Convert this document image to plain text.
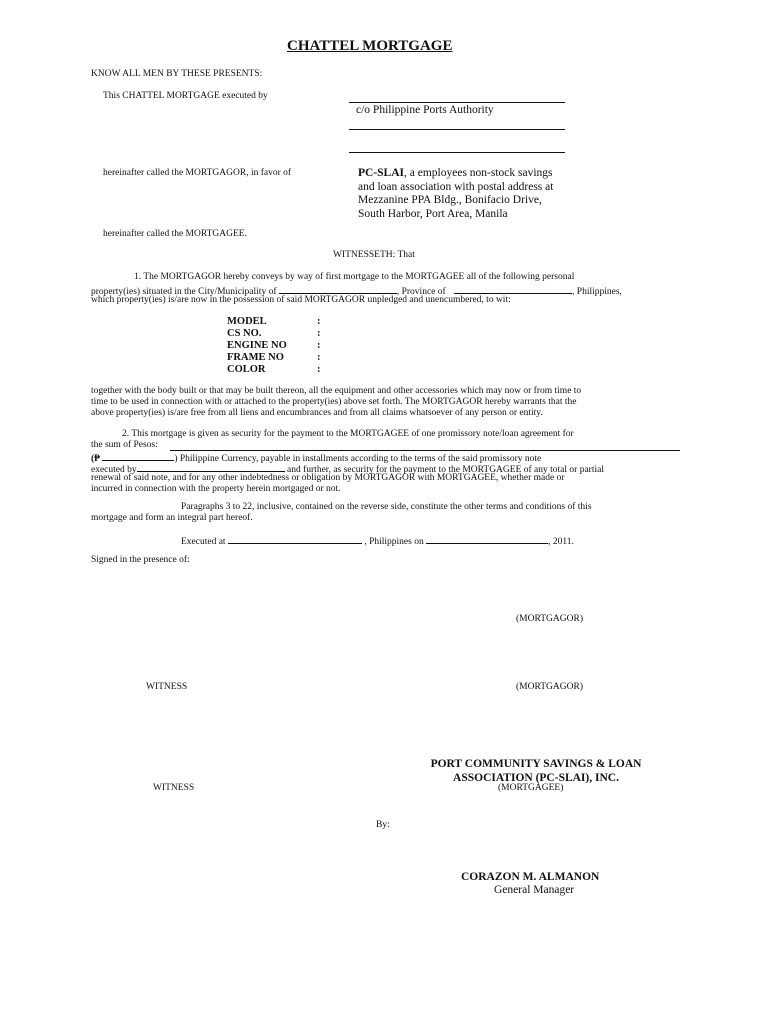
CHATTEL MORTGAGE
KNOW ALL MEN BY THESE PRESENTS:
This CHATTEL MORTGAGE executed by
c/o Philippine Ports Authority
hereinafter called the MORTGAGOR, in favor of	PC-SLAI, a employees non-stock savings
and loan association with postal address at
Mezzanine PPA Bldg., Bonifacio Drive,
South Harbor, Port Area, Manila
hereinafter called the MORTGAGEE.
WITNESSETH: That
1. The MORTGAGOR hereby conveys by way of first mortgage to the MORTGAGEE all of the following personal
property(ies) situated in the City/Municipality of	, Province of	, Philippines,
which property(ies) is/are now in the possession of said MORTGAGOR unpledged and unencumbered, to wit:
MODEL	:
CS NO.	:
ENGINE NO	:
FRAME NO	:
COLOR	:
together with the body built or that may be built thereon, all the equipment and other accessories which may now or from time to
time to be used in connection with or attached to the property(ies) above set forth. The MORTGAGOR hereby warrants that the
above property(ies) is/are free from all liens and encumbrances and from all claims whatsoever of any person or entity.
2. This mortgage is given as security for the payment to the MORTGAGEE of one promissory note/loan agreement for
the sum of Pesos:
(₱	) Philippine Currency, payable in installments according to the terms of the said promissory note
executed by	and further, as security for the payment to the MORTGAGEE of any total or partial
renewal of said note, and for any other indebtedness or obligation by MORTGAGOR with MORTGAGEE, whether made or
incurred in connection with the property herein mortgaged or not.
Paragraphs 3 to 22, inclusive, contained on the reverse side, constitute the other terms and conditions of this
mortgage and form an integral part hereof.
Executed at	, Philippines on	, 2011.
Signed in the presence of:
(MORTGAGOR)
WITNESS	(MORTGAGOR)
PORT COMMUNITY SAVINGS & LOAN
ASSOCIATION (PC-SLAI), INC.
(MORTGAGEE)
WITNESS
By:
CORAZON M. ALMANON
General Manager
